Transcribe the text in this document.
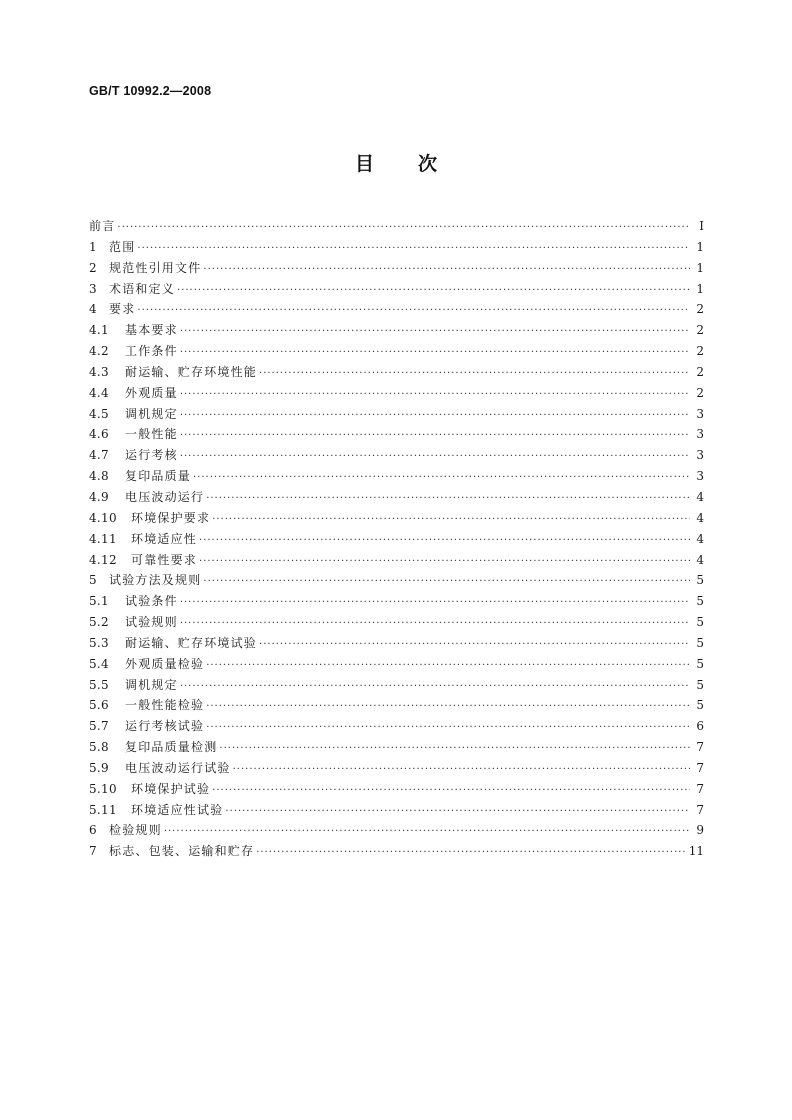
GB/T 10992.2—2008
目 次
前言 ·····	Ⅰ
1	范围 ·····	1
2	规范性引用文件 ·····	1
3	术语和定义 ·····	1
4	要求 ·····	2
4.1	基本要求 ·····	2
4.2	工作条件 ·····	2
4.3	耐运输、贮存环境性能 ·····	2
4.4	外观质量 ·····	2
4.5	调机规定 ·····	3
4.6	一般性能 ·····	3
4.7	运行考核 ·····	3
4.8	复印品质量 ·····	3
4.9	电压波动运行 ·····	4
4.10	环境保护要求 ·····	4
4.11	环境适应性 ·····	4
4.12	可靠性要求 ·····	4
5	试验方法及规则 ·····	5
5.1	试验条件 ·····	5
5.2	试验规则 ·····	5
5.3	耐运输、贮存环境试验 ·····	5
5.4	外观质量检验 ·····	5
5.5	调机规定 ·····	5
5.6	一般性能检验 ·····	5
5.7	运行考核试验 ·····	6
5.8	复印品质量检测 ·····	7
5.9	电压波动运行试验 ·····	7
5.10	环境保护试验 ·····	7
5.11	环境适应性试验 ·····	7
6	检验规则 ·····	9
7	标志、包装、运输和贮存 ·····	11
